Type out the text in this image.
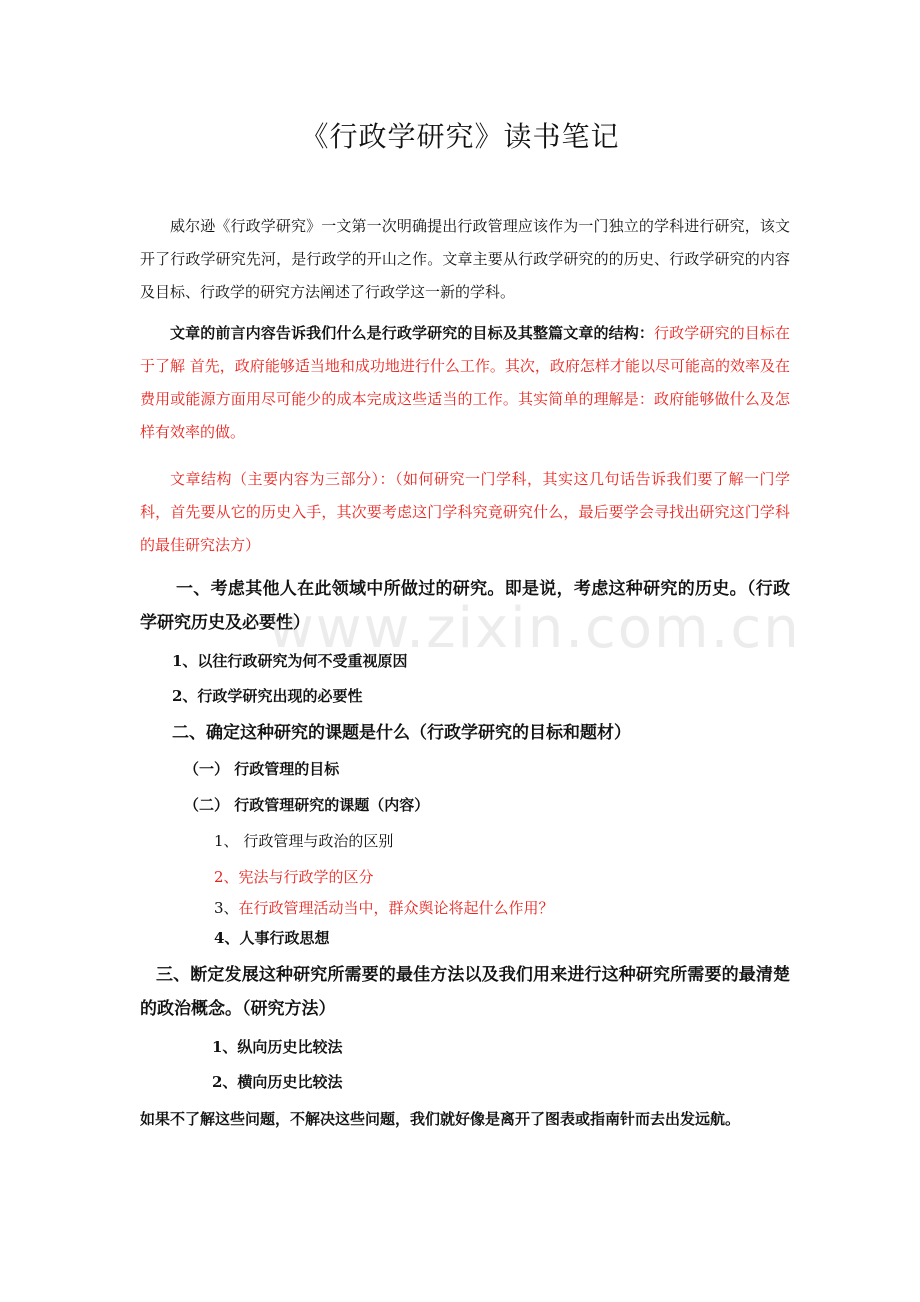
《行政学研究》读书笔记
威尔逊《行政学研究》一文第一次明确提出行政管理应该作为一门独立的学科进行研究，该文开了行政学研究先河，是行政学的开山之作。文章主要从行政学研究的的历史、行政学研究的内容及目标、行政学的研究方法阐述了行政学这一新的学科。
文章的前言内容告诉我们什么是行政学研究的目标及其整篇文章的结构：行政学研究的目标在于了解 首先，政府能够适当地和成功地进行什么工作。其次，政府怎样才能以尽可能高的效率及在费用或能源方面用尽可能少的成本完成这些适当的工作。其实简单的理解是：政府能够做什么及怎样有效率的做。
文章结构（主要内容为三部分）：（如何研究一门学科，其实这几句话告诉我们要了解一门学科，首先要从它的历史入手，其次要考虑这门学科究竟研究什么，最后要学会寻找出研究这门学科的最佳研究法方）
一、考虑其他人在此领域中所做过的研究。即是说，考虑这种研究的历史。（行政学研究历史及必要性）
1、以往行政研究为何不受重视原因
2、行政学研究出现的必要性
二、确定这种研究的课题是什么（行政学研究的目标和题材）
（一） 行政管理的目标
（二） 行政管理研究的课题（内容）
1、 行政管理与政治的区别
2、宪法与行政学的区分
3、在行政管理活动当中，群众舆论将起什么作用？
4、人事行政思想
三、断定发展这种研究所需要的最佳方法以及我们用来进行这种研究所需要的最清楚的政治概念。（研究方法）
1、纵向历史比较法
2、横向历史比较法
如果不了解这些问题，不解决这些问题，我们就好像是离开了图表或指南针而去出发远航。
www.zixin.com.cn
